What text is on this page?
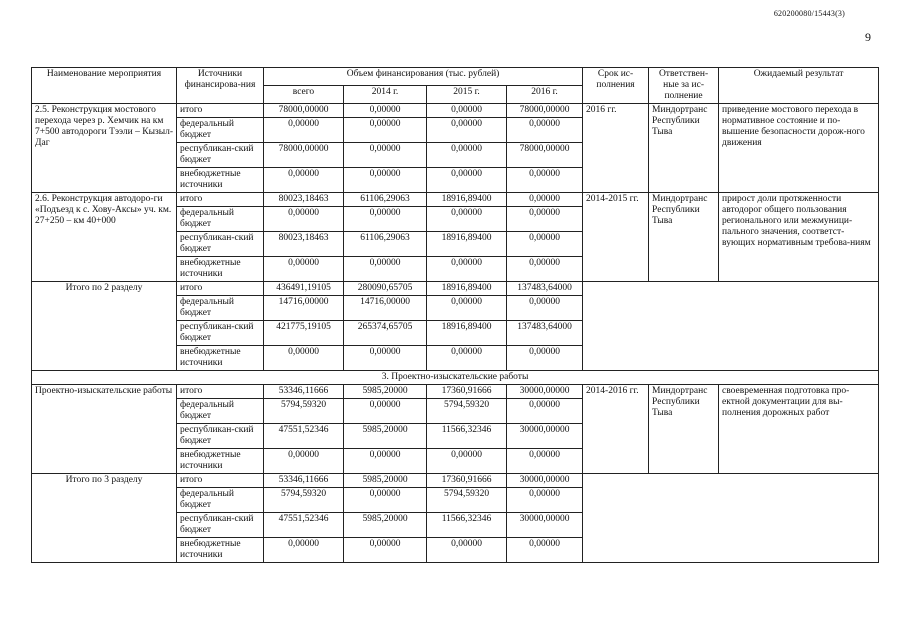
620200080/15443(3)
9
Наименование мероприятия	Источники финансирова-ния	Объем финансирования (тыс. рублей)				Срок ис-полнения	Ответствен-ные за ис-полнение	Ожидаемый результат
		всего	2014 г.	2015 г.	2016 г.			
2.5. Реконструкция мостового перехода через р. Хемчик на км 7+500 автодороги Тээли – Кызыл-Даг	итого	78000,00000	0,00000	0,00000	78000,00000	2016 гг.	Миндортранс Республики Тыва	приведение мостового перехода в нормативное состояние и по-вышение безопасности дорож-ного движения
	федеральный бюджет	0,00000	0,00000	0,00000	0,00000			
	республикан-ский бюджет	78000,00000	0,00000	0,00000	78000,00000			
	внебюджетные источники	0,00000	0,00000	0,00000	0,00000			
2.6. Реконструкция автодоро-ги «Подъезд к с. Хову-Аксы» уч. км. 27+250 – км 40+000	итого	80023,18463	61106,29063	18916,89400	0,00000	2014-2015 гг.	Миндортранс Республики Тыва	прирост доли протяженности автодорог общего пользования регионального или межмуници-пального значения, соответст-вующих нормативным требова-ниям
	федеральный бюджет	0,00000	0,00000	0,00000	0,00000			
	республикан-ский бюджет	80023,18463	61106,29063	18916,89400	0,00000			
	внебюджетные источники	0,00000	0,00000	0,00000	0,00000			
Итого по 2 разделу	итого	436491,19105	280090,65705	18916,89400	137483,64000			
	федеральный бюджет	14716,00000	14716,00000	0,00000	0,00000			
	республикан-ский бюджет	421775,19105	265374,65705	18916,89400	137483,64000			
	внебюджетные источники	0,00000	0,00000	0,00000	0,00000			
3. Проектно-изыскательские работы								
Проектно-изыскательские работы	итого	53346,11666	5985,20000	17360,91666	30000,00000	2014-2016 гг.	Миндортранс Республики Тыва	своевременная подготовка про-ектной документации для вы-полнения дорожных работ
	федеральный бюджет	5794,59320	0,00000	5794,59320	0,00000			
	республикан-ский бюджет	47551,52346	5985,20000	11566,32346	30000,00000			
	внебюджетные источники	0,00000	0,00000	0,00000	0,00000			
Итого по 3 разделу	итого	53346,11666	5985,20000	17360,91666	30000,00000			
	федеральный бюджет	5794,59320	0,00000	5794,59320	0,00000			
	республикан-ский бюджет	47551,52346	5985,20000	11566,32346	30000,00000			
	внебюджетные источники	0,00000	0,00000	0,00000	0,00000			
